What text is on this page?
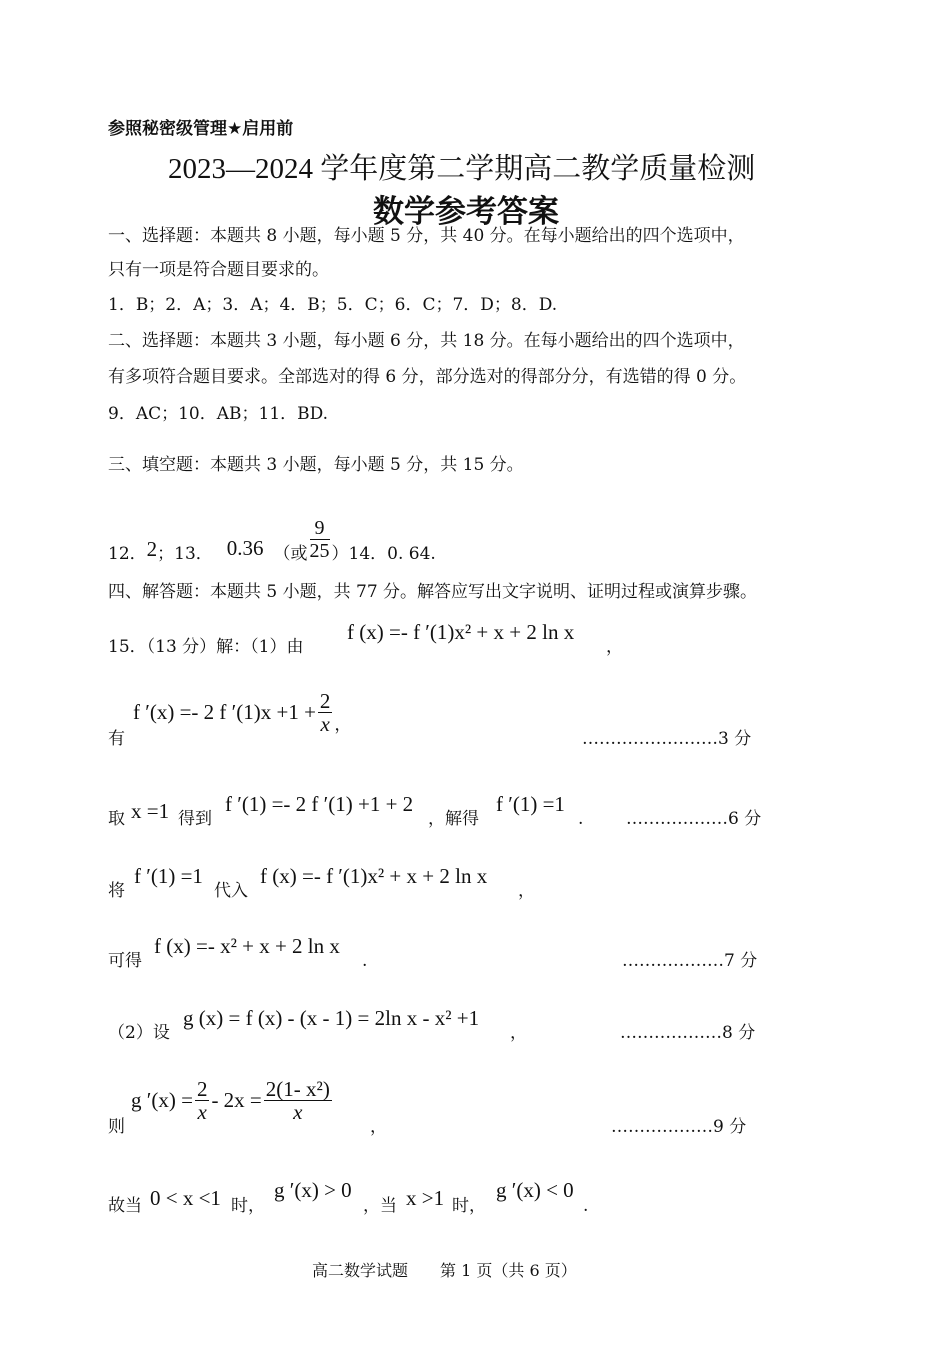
参照秘密级管理★启用前
2023—2024 学年度第二学期高二教学质量检测
数学参考答案
一、选择题：本题共 8 小题，每小题 5 分，共 40 分。在每小题给出的四个选项中，
只有一项是符合题目要求的。
1．B；2．A；3．A；4．B；5．C；6．C；7．D；8．D.
二、选择题：本题共 3 小题，每小题 6 分，共 18 分。在每小题给出的四个选项中，
有多项符合题目要求。全部选对的得 6 分，部分选对的得部分分，有选错的得 0 分。
9．AC；10．AB；11．BD.
三、填空题：本题共 3 小题，每小题 5 分，共 15 分。
12． 2 ；13． 0.36 （或 $\frac{9}{25}$ ） 14．0. 64.
四、解答题：本题共 5 小题，共 77 分。解答应写出文字说明、证明过程或演算步骤。
15．（13 分）解：（1）由
f (x) =- f ′(1)x² + x + 2 ln x
，
有
f ′(x) =- 2 f $'(1)x +1 + \frac{2}{x}$ ，
……………………3 分
取 x =1 得到
f ′(1) =- 2 f ′(1) +1 + 2
，解得
f ′(1) =1
.	………………6 分
将
f ′(1) =1
代入
f (x) =- f ′(1)x² + x + 2 ln x
，
可得
f (x) =- x² + x + 2 ln x
.	………………7 分
（2）设
g (x) = f (x) - (x - 1) = 2ln x - x² +1
，	………………8 分
则
g $'(x) = \frac{2}{x} - 2x = \frac{\text{2(1- x²)}}{x}$
，	………………9 分
故当 0 < x <1 时，
g ′(x) > 0
，当 x >1 时，
g ′(x) < 0
.
高二数学试题　　第 1 页（共 6 页）
